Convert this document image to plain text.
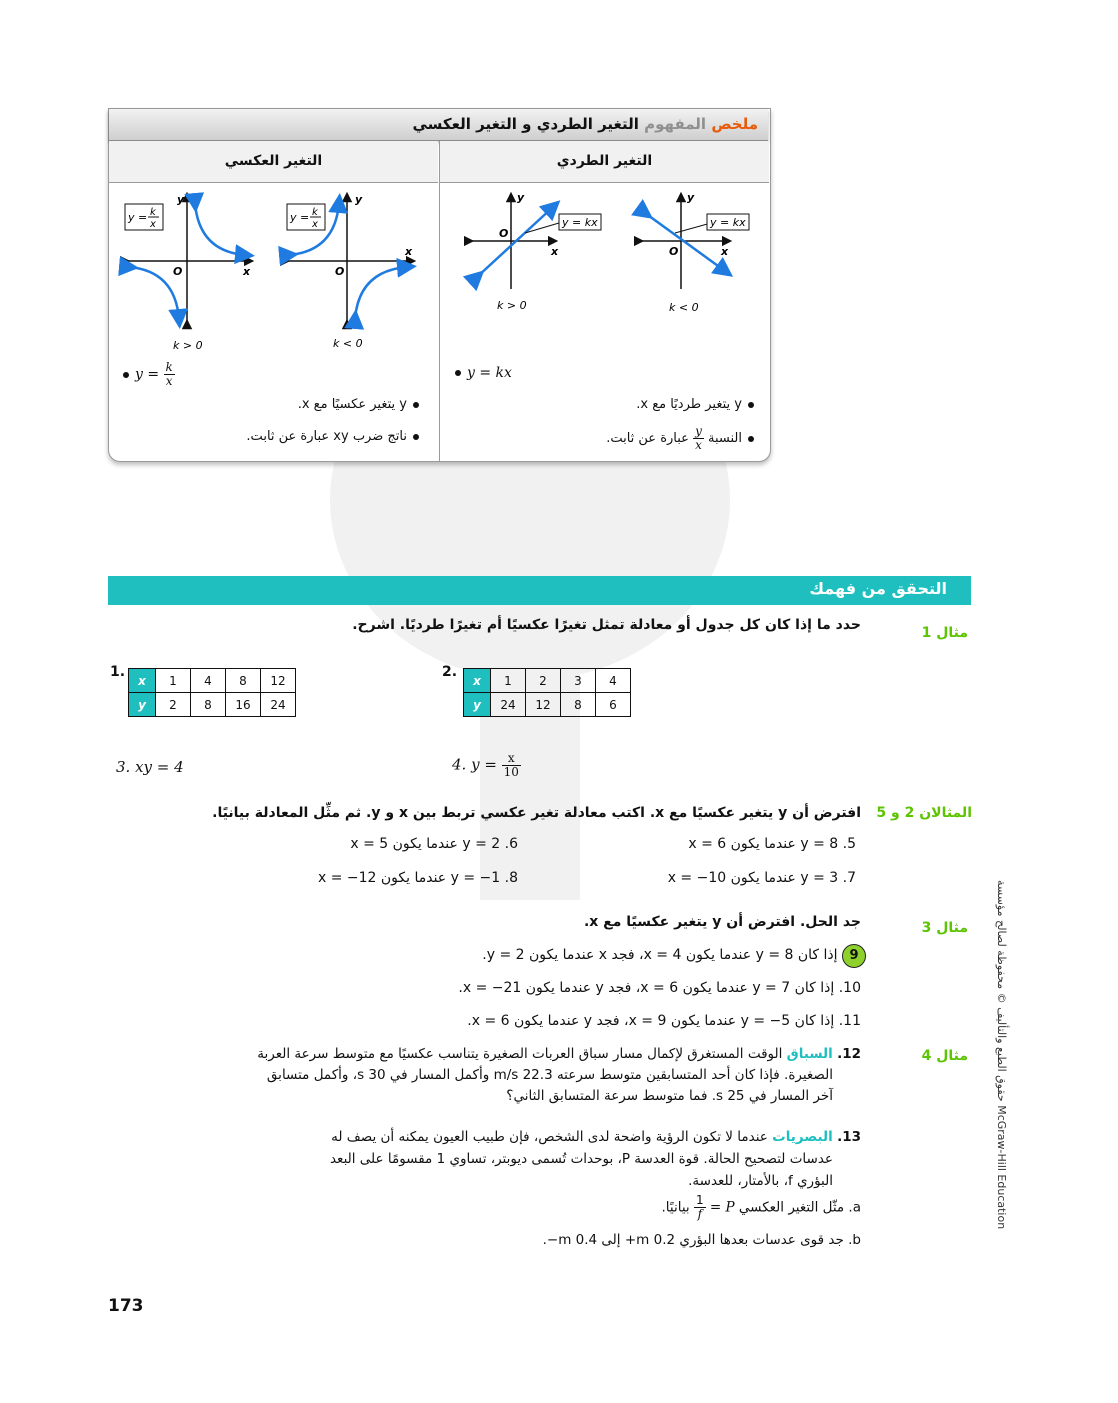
ملخص المفهوم التغير الطردي و التغير العكسي
التغير الطردي
التغير العكسي
y
x
O
y = kx
k > 0
y
x
O
y = kx
k < 0
y
x
O
y = k
x
k > 0
y
x
O
y = k
x
k < 0
y = kx
y يتغير طرديًا مع x.
النسبة
$\frac{y}{x}$
عبارة عن ثابت.
$y = \frac{k}{x}$
y يتغير عكسيًا مع x.
ناتج ضرب xy عبارة عن ثابت.
التحقق من فهمك
مثال 1
حدد ما إذا كان كل جدول أو معادلة تمثل تغيرًا عكسيًا أم تغيرًا طرديًا. اشرح.
1.
x	1	4	8	12
y	2	8	16	24
2.
x	1	2	3	4
y	24	12	8	6
3. xy = 4	4. $y = \frac{x}{10}$
المثالان 2 و 5
افترض أن y يتغير عكسيًا مع x. اكتب معادلة تغير عكسي تربط بين x و y. ثم مثِّل المعادلة بيانيًا.
5. y = 8 عندما يكون x = 6
6. y = 2 عندما يكون x = 5
7. y = 3 عندما يكون x = −10
8. y = −1 عندما يكون x = −12
مثال 3
جد الحل. افترض أن y يتغير عكسيًا مع x.
9 إذا كان y = 8 عندما يكون x = 4، فجد x عندما يكون y = 2.
10. إذا كان y = 7 عندما يكون x = 6، فجد y عندما يكون x = −21.
11. إذا كان y = −5 عندما يكون x = 9، فجد y عندما يكون x = 6.
مثال 4
12. السباق الوقت المستغرق لإكمال مسار سباق العربات الصغيرة يتناسب عكسيًا مع متوسط سرعة العربة
الصغيرة. فإذا كان أحد المتسابقين متوسط سرعته 22.3 m/s وأكمل المسار في 30 s، وأكمل متسابق
آخر المسار في 25 s. فما متوسط سرعة المتسابق الثاني؟
13. البصريات عندما لا تكون الرؤية واضحة لدى الشخص، فإن طبيب العيون يمكنه أن يصف له
عدسات لتصحيح الحالة. قوة العدسة P، بوحدات تُسمى ديوبتر، تساوي 1 مقسومًا على البعد
البؤري f، بالأمتار، للعدسة.
a. مثّل التغير العكسي P =
$\frac{1}{f}$
بيانيًا.
b. جد قوى عدسات بعدها البؤري 0.2 m+ إلى 0.4 m−.
حقوق الطبع والتأليف © محفوظة لصالح مؤسسة McGraw-Hill Education
173
